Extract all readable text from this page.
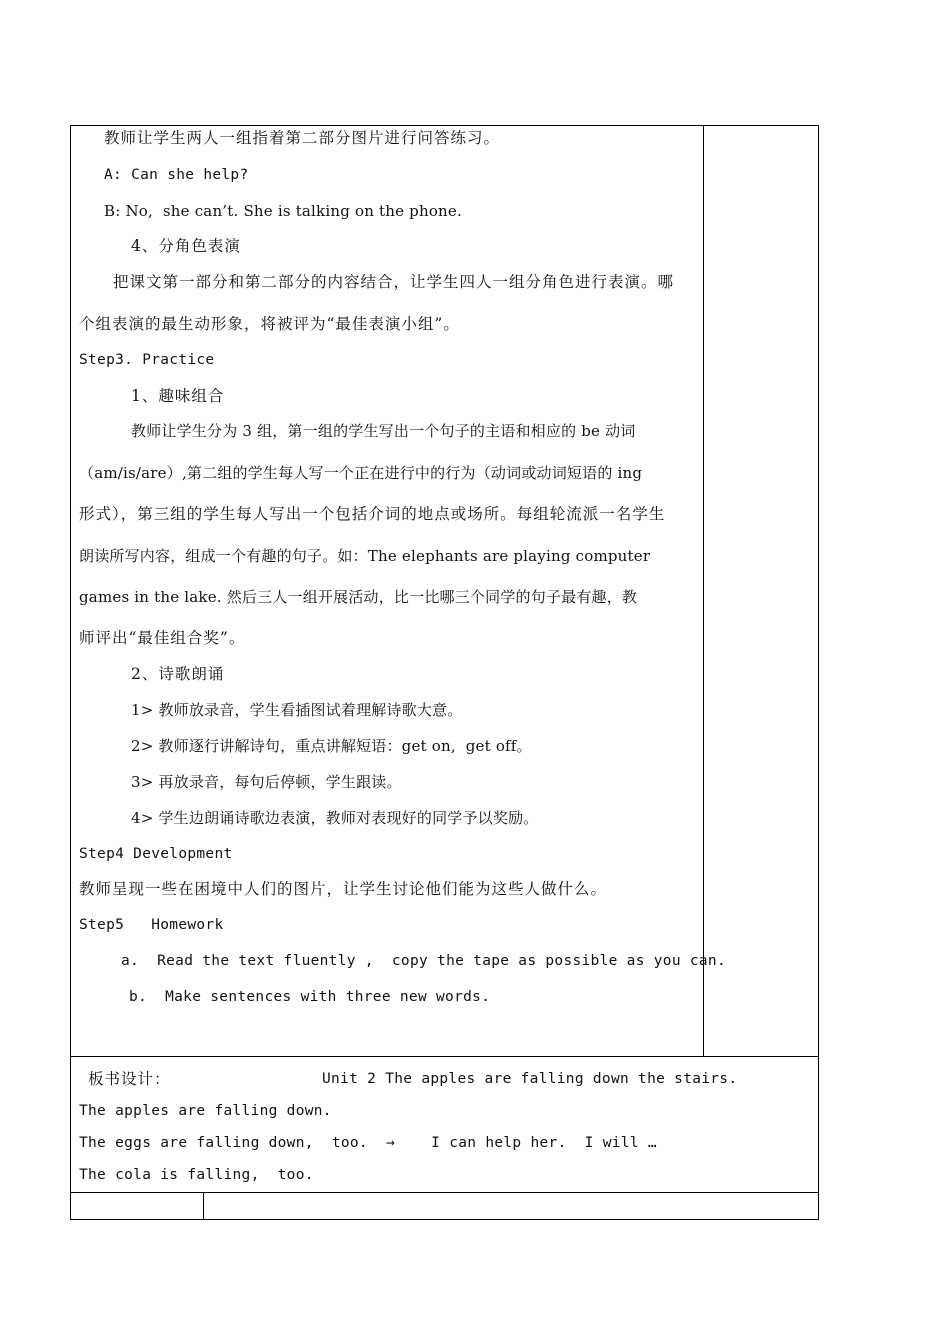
教师让学生两人一组指着第二部分图片进行问答练习。
A: Can she help?
B: No,  she can’t. She is talking on the phone.
4、分角色表演
把课文第一部分和第二部分的内容结合，让学生四人一组分角色进行表演。哪
个组表演的最生动形象，将被评为“最佳表演小组”。
Step3. Practice
1、趣味组合
教师让学生分为 3 组，第一组的学生写出一个句子的主语和相应的 be 动词
（am/is/are）,第二组的学生每人写一个正在进行中的行为（动词或动词短语的 ing
形式），第三组的学生每人写出一个包括介词的地点或场所。每组轮流派一名学生
朗读所写内容，组成一个有趣的句子。如：The elephants are playing computer
games in the lake. 然后三人一组开展活动，比一比哪三个同学的句子最有趣，教
师评出“最佳组合奖”。
2、诗歌朗诵
1> 教师放录音，学生看插图试着理解诗歌大意。
2> 教师逐行讲解诗句，重点讲解短语：get on,  get off。
3> 再放录音，每句后停顿，学生跟读。
4> 学生边朗诵诗歌边表演，教师对表现好的同学予以奖励。
Step4 Development
教师呈现一些在困境中人们的图片，让学生讨论他们能为这些人做什么。
Step5   Homework
a.  Read the text fluently ,  copy the tape as possible as you can.
b.  Make sentences with three new words.
板书设计：	Unit 2 The apples are falling down the stairs.
The apples are falling down.
The eggs are falling down,  too.  →    I can help her.  I will …
The cola is falling,  too.
